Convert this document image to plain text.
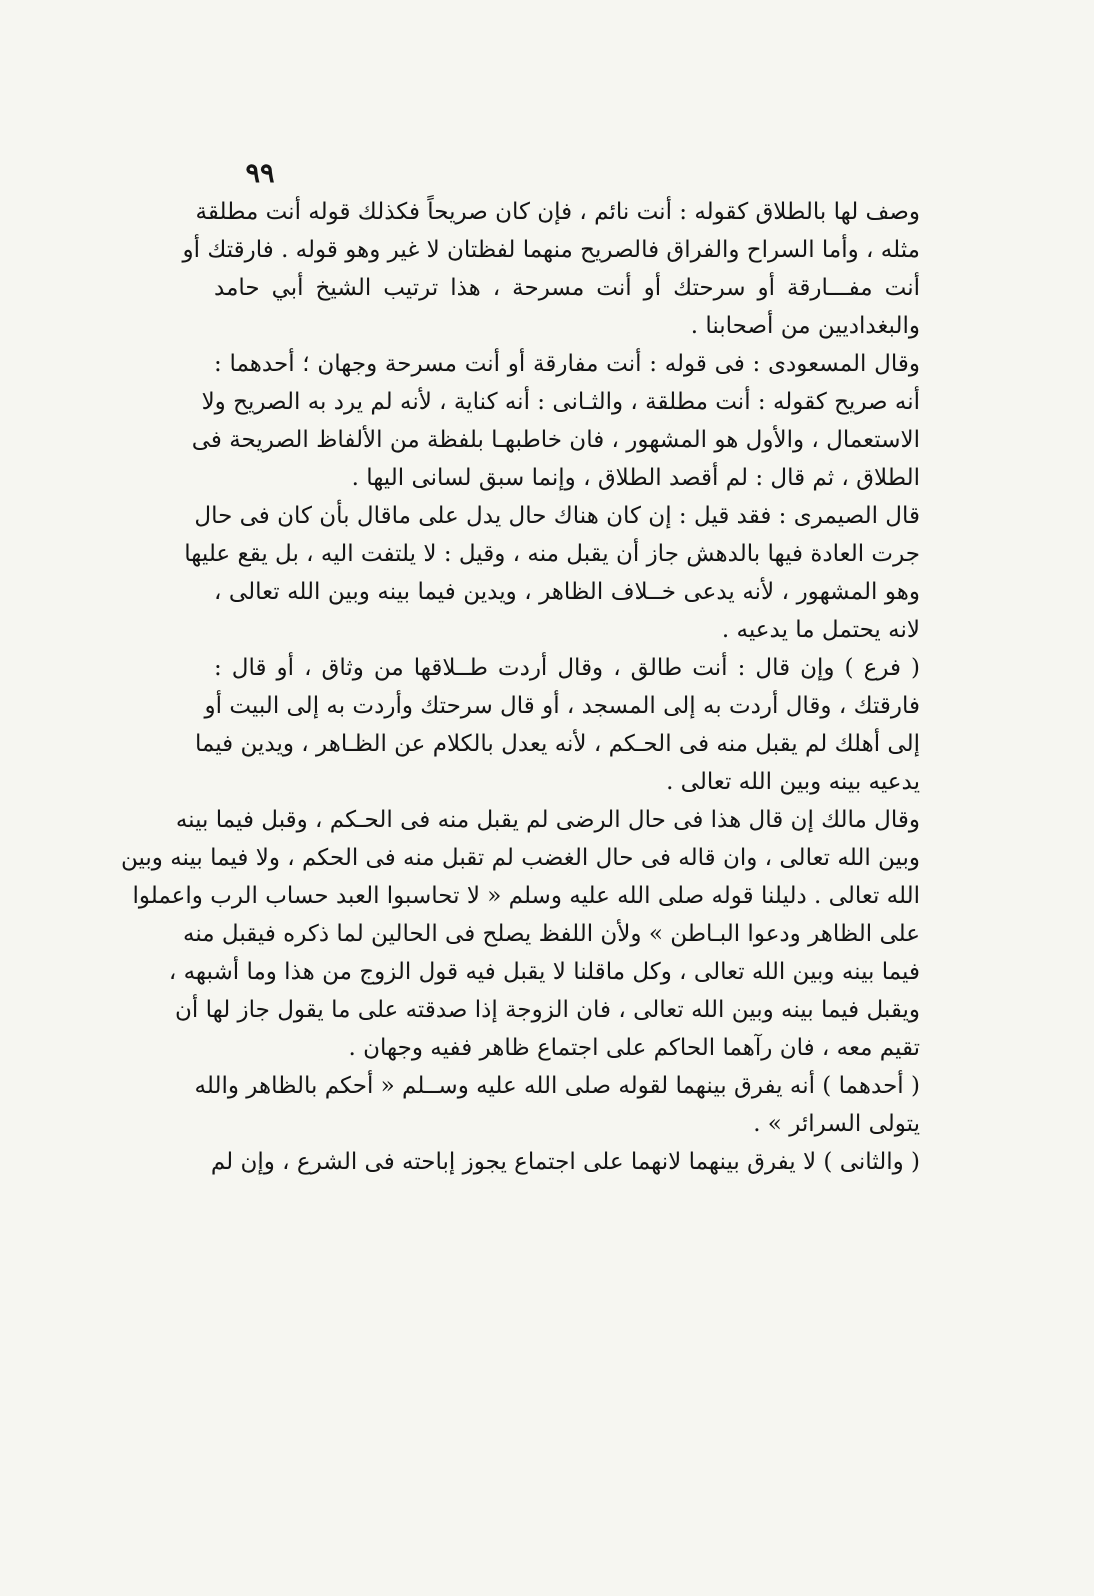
٩٩
وصف لها بالطلاق كقوله : أنت نائم ، فإن كان صريحاً فكذلك قوله أنت مطلقة
مثله ، وأما السراح والفراق فالصريح منهما لفظتان لا غير وهو قوله . فارقتك أو
أنت مفـــارقة أو سرحتك أو أنت مسرحة ، هذا ترتيب الشيخ أبي حامد
والبغداديين من أصحابنا .
وقال المسعودى : فى قوله : أنت مفارقة أو أنت مسرحة وجهان ؛ أحدهما :
أنه صريح كقوله : أنت مطلقة ، والثـانى : أنه كناية ، لأنه لم يرد به الصريح ولا
الاستعمال ، والأول هو المشهور ، فان خاطبهـا بلفظة من الألفاظ الصريحة فى
الطلاق ، ثم قال : لم أقصد الطلاق ، وإنما سبق لسانى اليها .
قال الصيمرى : فقد قيل : إن كان هناك حال يدل على ماقال بأن كان فى حال
جرت العادة فيها بالدهش جاز أن يقبل منه ، وقيل : لا يلتفت اليه ، بل يقع عليها
وهو المشهور ، لأنه يدعى خــلاف الظاهر ، ويدين فيما بينه وبين الله تعالى ،
لانه يحتمل ما يدعيه .
( فرع ) وإن قال : أنت طالق ، وقال أردت طــلاقها من وثاق ، أو قال :
فارقتك ، وقال أردت به إلى المسجد ، أو قال سرحتك وأردت به إلى البيت أو
إلى أهلك لم يقبل منه فى الحـكم ، لأنه يعدل بالكلام عن الظـاهر ، ويدين فيما
يدعيه بينه وبين الله تعالى .
وقال مالك إن قال هذا فى حال الرضى لم يقبل منه فى الحـكم ، وقبل فيما بينه
وبين الله تعالى ، وان قاله فى حال الغضب لم تقبل منه فى الحكم ، ولا فيما بينه وبين
الله تعالى . دليلنا قوله صلى الله عليه وسلم « لا تحاسبوا العبد حساب الرب واعملوا
على الظاهر ودعوا البـاطن » ولأن اللفظ يصلح فى الحالين لما ذكره فيقبل منه
فيما بينه وبين الله تعالى ، وكل ماقلنا لا يقبل فيه قول الزوج من هذا وما أشبهه ،
ويقبل فيما بينه وبين الله تعالى ، فان الزوجة إذا صدقته على ما يقول جاز لها أن
تقيم معه ، فان رآهما الحاكم على اجتماع ظاهر ففيه وجهان .
( أحدهما ) أنه يفرق بينهما لقوله صلى الله عليه وســلم « أحكم بالظاهر والله
يتولى السرائر » .
( والثانى ) لا يفرق بينهما لانهما على اجتماع يجوز إباحته فى الشرع ، وإن لم
